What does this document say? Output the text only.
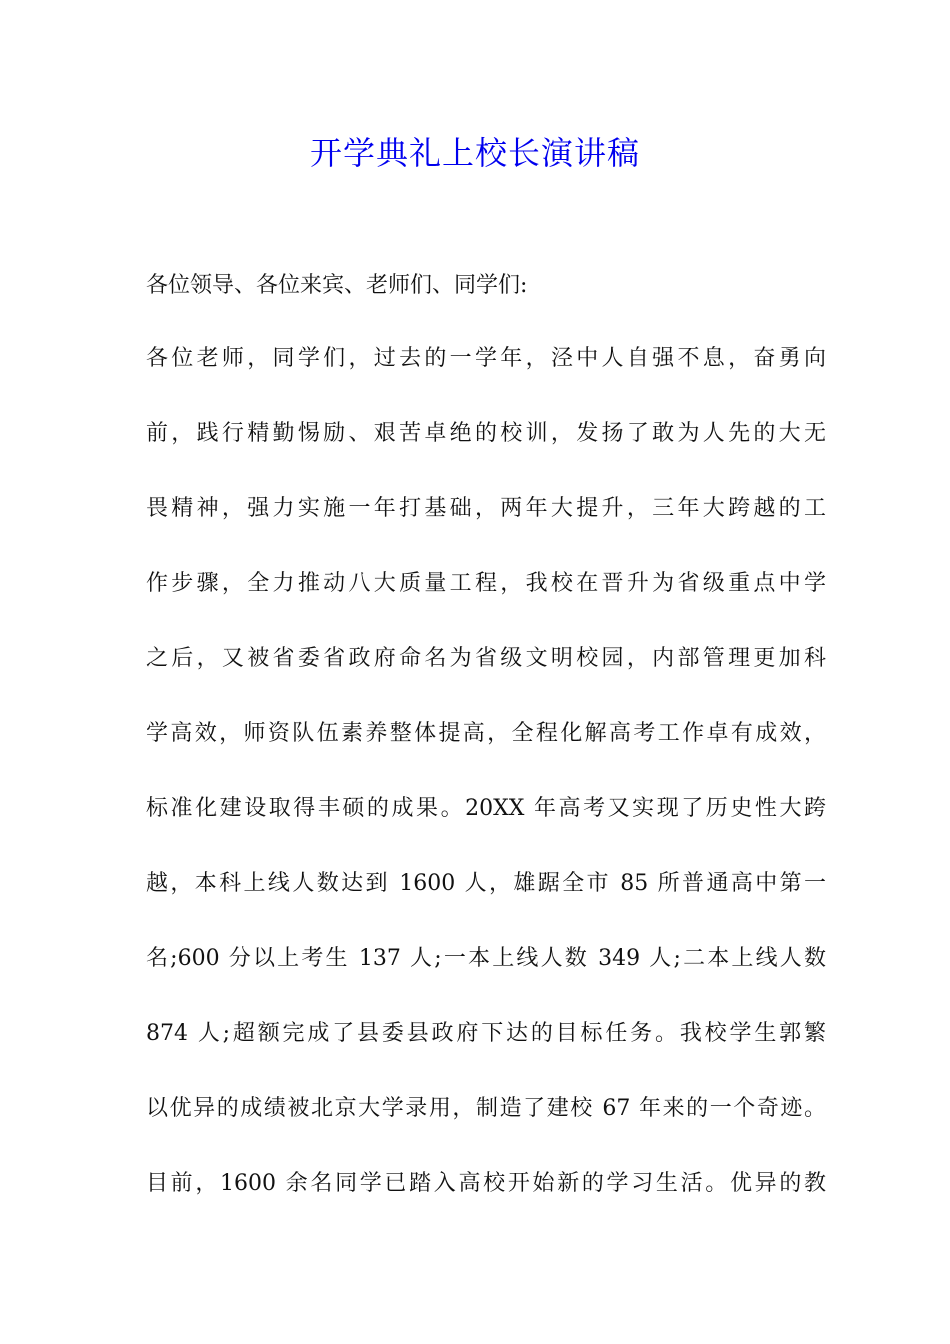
开学典礼上校长演讲稿

各位领导、各位来宾、老师们、同学们:

各位老师，同学们，过去的一学年，泾中人自强不息，奋勇向
前，践行精勤惕励、艰苦卓绝的校训，发扬了敢为人先的大无
畏精神，强力实施一年打基础，两年大提升，三年大跨越的工
作步骤，全力推动八大质量工程，我校在晋升为省级重点中学
之后，又被省委省政府命名为省级文明校园，内部管理更加科
学高效，师资队伍素养整体提高，全程化解高考工作卓有成效，
标准化建设取得丰硕的成果。20XX 年高考又实现了历史性大跨
越，本科上线人数达到 1600 人，雄踞全市 85 所普通高中第一
名;600 分以上考生 137 人;一本上线人数 349 人;二本上线人数
874 人;超额完成了县委县政府下达的目标任务。我校学生郭繁
以优异的成绩被北京大学录用，制造了建校 67 年来的一个奇迹。
目前，1600 余名同学已踏入高校开始新的学习生活。优异的教
